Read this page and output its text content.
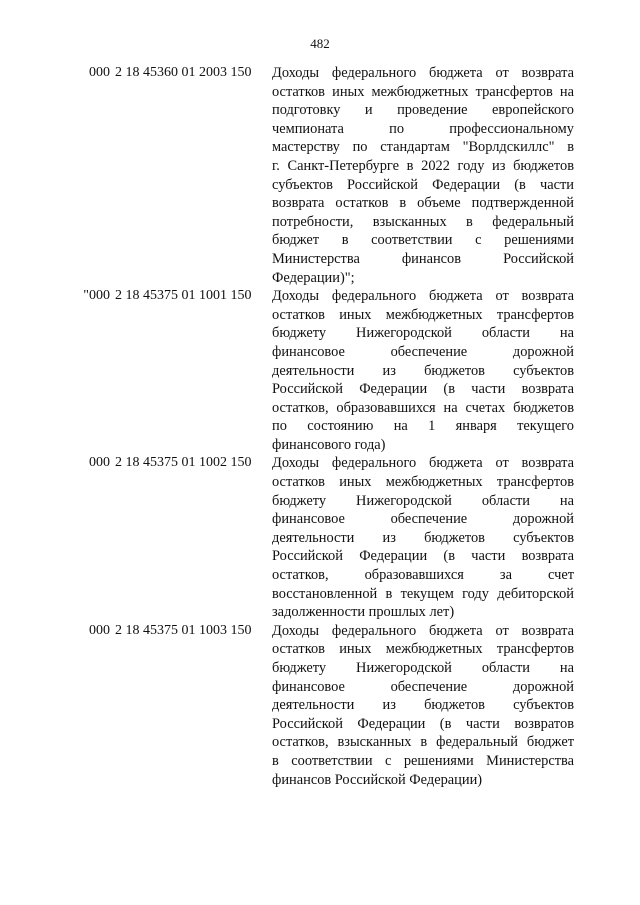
482
000 2 18 45360 01 2003 150	Доходы федерального бюджета от возврата
остатков иных межбюджетных трансфертов на
подготовку и проведение европейского
чемпионата по профессиональному
мастерству по стандартам "Ворлдскиллс" в
г. Санкт-Петербурге в 2022 году из бюджетов
субъектов Российской Федерации (в части
возврата остатков в объеме подтвержденной
потребности, взысканных в федеральный
бюджет в соответствии с решениями
Министерства финансов Российской
Федерации)";
"000 2 18 45375 01 1001 150	Доходы федерального бюджета от возврата
остатков иных межбюджетных трансфертов
бюджету Нижегородской области на
финансовое обеспечение дорожной
деятельности из бюджетов субъектов
Российской Федерации (в части возврата
остатков, образовавшихся на счетах бюджетов
по состоянию на 1 января текущего
финансового года)
000 2 18 45375 01 1002 150	Доходы федерального бюджета от возврата
остатков иных межбюджетных трансфертов
бюджету Нижегородской области на
финансовое обеспечение дорожной
деятельности из бюджетов субъектов
Российской Федерации (в части возврата
остатков, образовавшихся за счет
восстановленной в текущем году дебиторской
задолженности прошлых лет)
000 2 18 45375 01 1003 150	Доходы федерального бюджета от возврата
остатков иных межбюджетных трансфертов
бюджету Нижегородской области на
финансовое обеспечение дорожной
деятельности из бюджетов субъектов
Российской Федерации (в части возвратов
остатков, взысканных в федеральный бюджет
в соответствии с решениями Министерства
финансов Российской Федерации)
